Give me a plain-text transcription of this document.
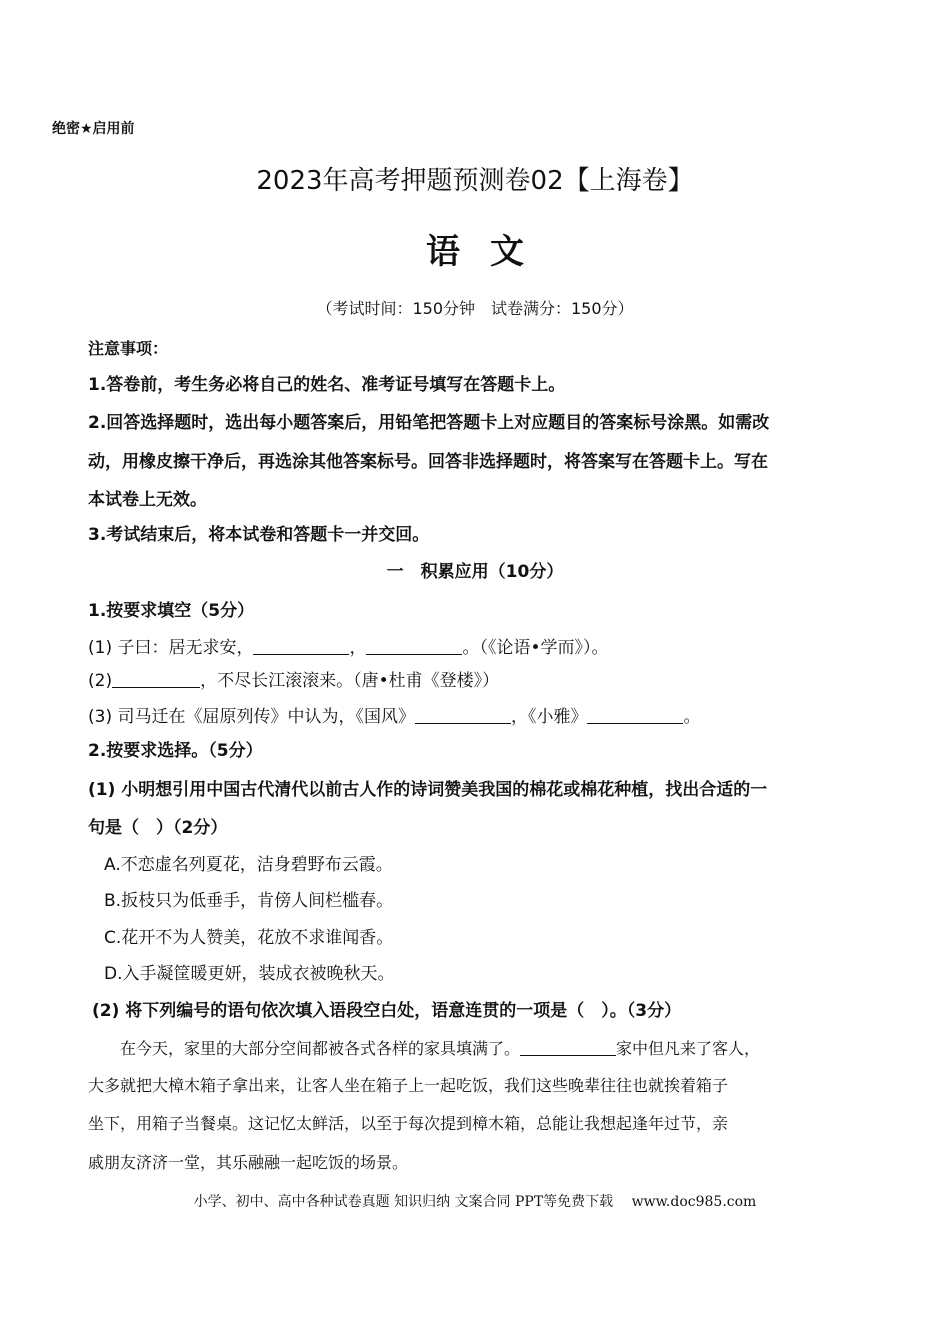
绝密★启用前
2023年高考押题预测卷02【上海卷】
语文
（考试时间：150分钟　试卷满分：150分）
注意事项：
1.答卷前，考生务必将自己的姓名、准考证号填写在答题卡上。
2.回答选择题时，选出每小题答案后，用铅笔把答题卡上对应题目的答案标号涂黑。如需改
动，用橡皮擦干净后，再选涂其他答案标号。回答非选择题时，将答案写在答题卡上。写在
本试卷上无效。
3.考试结束后，将本试卷和答题卡一并交回。
一　积累应用（10分）
1.按要求填空（5分）
(1) 子曰：居无求安，	，	。（《论语•学而》）。
(2)	，不尽长江滚滚来。（唐•杜甫《登楼》）
(3) 司马迁在《屈原列传》中认为，《国风》	，《小雅》	。
2.按要求选择。（5分）
(1) 小明想引用中国古代清代以前古人作的诗词赞美我国的棉花或棉花种植，找出合适的一
句是（　）（2分）
A.不恋虚名列夏花，洁身碧野布云霞。
B.扳枝只为低垂手，肯傍人间栏槛春。
C.花开不为人赞美，花放不求谁闻香。
D.入手凝筐暖更妍，装成衣被晚秋天。
(2) 将下列编号的语句依次填入语段空白处，语意连贯的一项是（　）。（3分）
在今天，家里的大部分空间都被各式各样的家具填满了。	家中但凡来了客人，
大多就把大樟木箱子拿出来，让客人坐在箱子上一起吃饭，我们这些晚辈往往也就挨着箱子
坐下，用箱子当餐桌。这记忆太鲜活，以至于每次提到樟木箱，总能让我想起逢年过节，亲
戚朋友济济一堂，其乐融融一起吃饭的场景。
小学、初中、高中各种试卷真题 知识归纳 文案合同 PPT等免费下载　 www.doc985.com
